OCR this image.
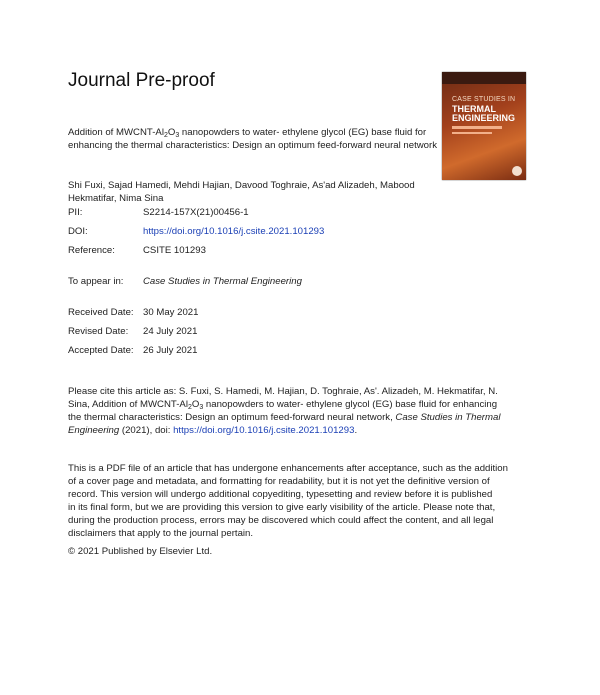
Journal Pre-proof
CASE STUDIES IN
THERMAL
ENGINEERING
Addition of MWCNT-$Al_2O_3$ nanopowders to water- ethylene glycol (EG) base fluid for enhancing the thermal characteristics: Design an optimum feed-forward neural network
Shi Fuxi, Sajad Hamedi, Mehdi Hajian, Davood Toghraie, As'ad Alizadeh, Mabood Hekmatifar, Nima Sina
PII:	S2214-157X(21)00456-1
DOI:	https://doi.org/10.1016/j.csite.2021.101293
Reference:	CSITE 101293
To appear in: Case Studies in Thermal Engineering
Received Date: 30 May 2021
Revised Date: 24 July 2021
Accepted Date: 26 July 2021
Please cite this article as: S. Fuxi, S. Hamedi, M. Hajian, D. Toghraie, As'. Alizadeh, M. Hekmatifar, N.
Sina, Addition of MWCNT-$Al_2O_3$ nanopowders to water- ethylene glycol (EG) base fluid for enhancing
the thermal characteristics: Design an optimum feed-forward neural network, Case Studies in Thermal
Engineering (2021), doi: https://doi.org/10.1016/j.csite.2021.101293.
This is a PDF file of an article that has undergone enhancements after acceptance, such as the addition
of a cover page and metadata, and formatting for readability, but it is not yet the definitive version of
record. This version will undergo additional copyediting, typesetting and review before it is published
in its final form, but we are providing this version to give early visibility of the article. Please note that,
during the production process, errors may be discovered which could affect the content, and all legal
disclaimers that apply to the journal pertain.
© 2021 Published by Elsevier Ltd.
